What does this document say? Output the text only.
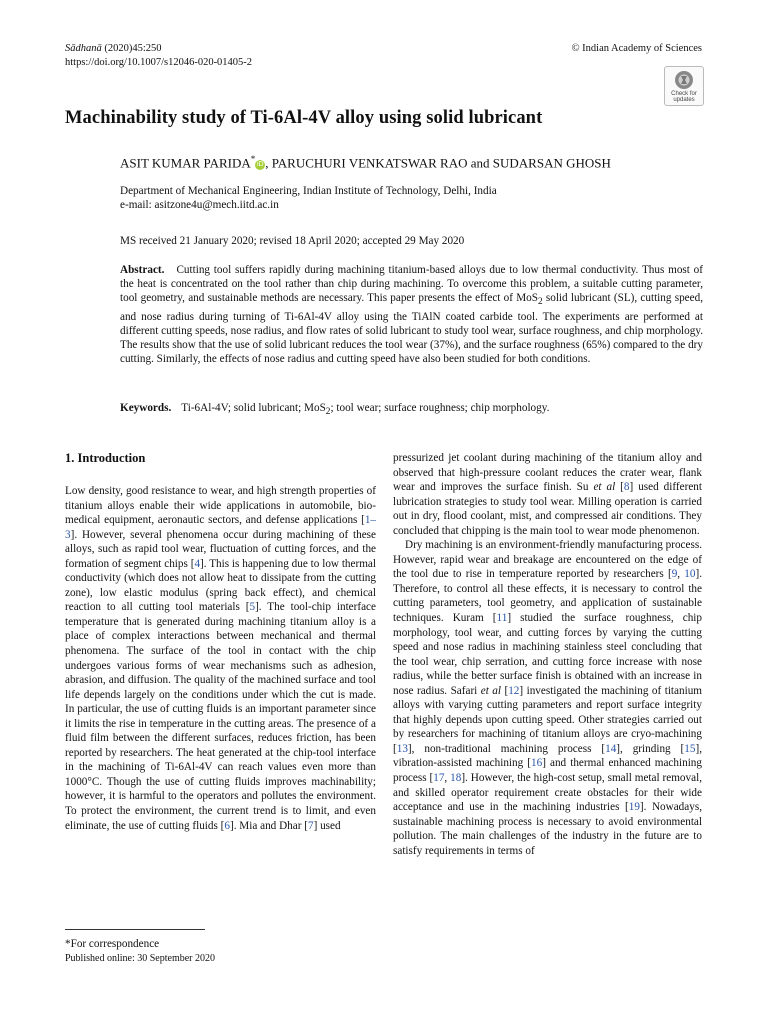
Sādhanā (2020)45:250
https://doi.org/10.1007/s12046-020-01405-2
© Indian Academy of Sciences
Check for
updates
Machinability study of Ti-6Al-4V alloy using solid lubricant
ASIT KUMAR PARIDA*iD , PARUCHURI VENKATSWAR RAO and SUDARSAN GHOSH
Department of Mechanical Engineering, Indian Institute of Technology, Delhi, India
e-mail: asitzone4u@mech.iitd.ac.in
MS received 21 January 2020; revised 18 April 2020; accepted 29 May 2020
Abstract. Cutting tool suffers rapidly during machining titanium-based alloys due to low thermal conductivity. Thus most of the heat is concentrated on the tool rather than chip during machining. To overcome this problem, a suitable cutting parameter, tool geometry, and sustainable methods are necessary. This paper presents the effect of MoS$_2$ solid lubricant (SL), cutting speed, and nose radius during turning of Ti-6Al-4V alloy using the TiAlN coated carbide tool. The experiments are performed at different cutting speeds, nose radius, and flow rates of solid lubricant to study tool wear, surface roughness, and chip morphology. The results show that the use of solid lubricant reduces the tool wear (37%), and the surface roughness (65%) compared to the dry cutting. Similarly, the effects of nose radius and cutting speed have also been studied for both conditions.
Keywords. Ti-6Al-4V; solid lubricant; MoS$_2$; tool wear; surface roughness; chip morphology.
1. Introduction

Low density, good resistance to wear, and high strength properties of titanium alloys enable their wide applications in automobile, bio-medical equipment, aeronautic sectors, and defense applications [1–3]. However, several phenomena occur during machining of these alloys, such as rapid tool wear, fluctuation of cutting forces, and the formation of segment chips [4]. This is happening due to low thermal conductivity (which does not allow heat to dissipate from the cutting zone), low elastic modulus (spring back effect), and chemical reaction to all cutting tool materials [5]. The tool-chip interface temperature that is generated during machining titanium alloy is a place of complex interactions between mechanical and thermal phenomena. The surface of the tool in contact with the chip undergoes various forms of wear mechanisms such as adhesion, abrasion, and diffusion. The quality of the machined surface and tool life depends largely on the conditions under which the cut is made. In particular, the use of cutting fluids is an important parameter since it limits the rise in temperature in the cutting areas. The presence of a fluid film between the different surfaces, reduces friction, has been reported by researchers. The heat generated at the chip-tool interface in the machining of Ti-6Al-4V can reach values even more than 1000°C. Though the use of cutting fluids improves machinability; however, it is harmful to the operators and pollutes the environment. To protect the environment, the current trend is to limit, and even eliminate, the use of cutting fluids [6]. Mia and Dhar [7] used

pressurized jet coolant during machining of the titanium alloy and observed that high-pressure coolant reduces the crater wear, flank wear and improves the surface finish. Su et al [8] used different lubrication strategies to study tool wear. Milling operation is carried out in dry, flood coolant, mist, and compressed air conditions. They concluded that chipping is the main tool to wear mode phenomenon.

Dry machining is an environment-friendly manufacturing process. However, rapid wear and breakage are encountered on the edge of the tool due to rise in temperature reported by researchers [9, 10]. Therefore, to control all these effects, it is necessary to control the cutting parameters, tool geometry, and application of sustainable techniques. Kuram [11] studied the surface roughness, chip morphology, tool wear, and cutting forces by varying the cutting speed and nose radius in machining stainless steel concluding that the tool wear, chip serration, and cutting force increase with nose radius, while the better surface finish is obtained with an increase in nose radius. Safari et al [12] investigated the machining of titanium alloys with varying cutting parameters and report surface integrity that highly depends upon cutting speed. Other strategies carried out by researchers for machining of titanium alloys are cryo-machining [13], non-traditional machining process [14], grinding [15], vibration-assisted machining [16] and thermal enhanced machining process [17, 18]. However, the high-cost setup, small metal removal, and skilled operator requirement create obstacles for their wide acceptance and use in the machining industries [19]. Nowadays, sustainable machining process is necessary to avoid environmental pollution. The main challenges of the industry in the future are to satisfy requirements in terms of

*For correspondence
Published online: 30 September 2020
